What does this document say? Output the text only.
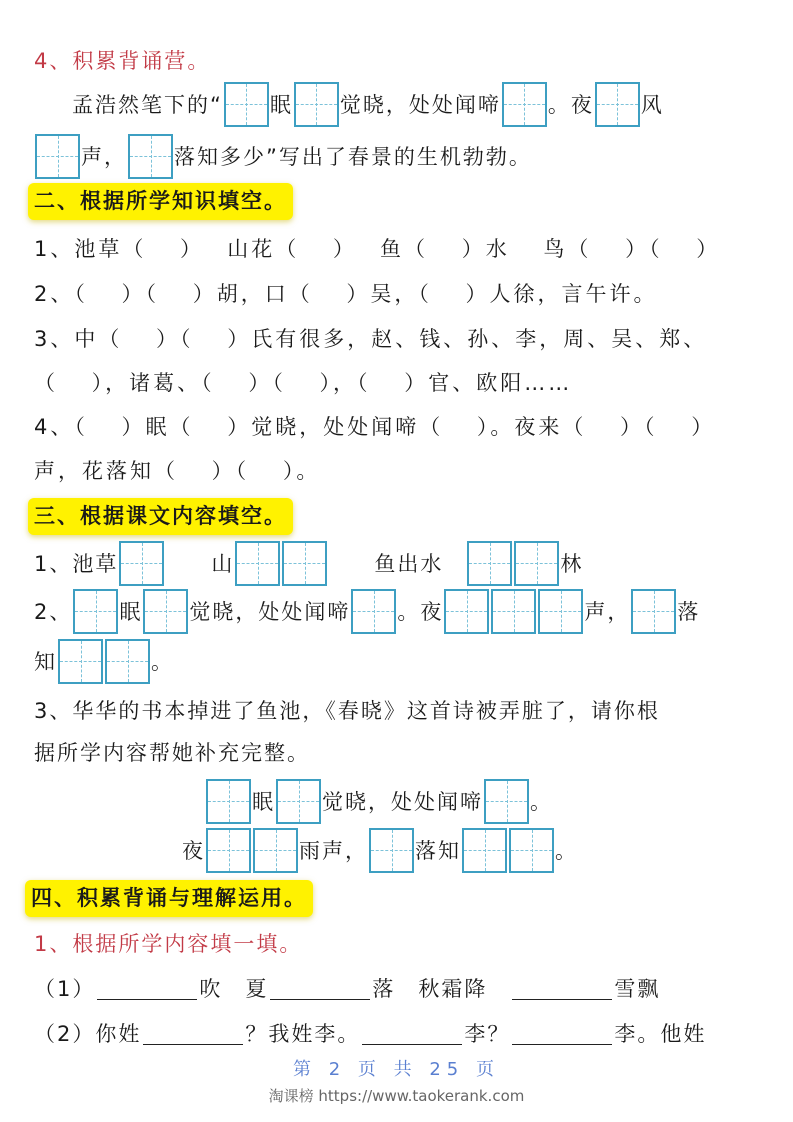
4、积累背诵营。
孟浩然笔下的“ 眠 觉晓，处处闻啼 。夜 风
声， 落知多少”写出了春景的生机勃勃。
二、根据所学知识填空。
1、池草（　 ）　 山花（　 ）　 鱼（　 ）水　 鸟（　 ）（　 ）
2、（　 ）（　 ）胡，口（　 ）吴，（　 ）人徐，言午许。
3、中（　 ）（　 ）氏有很多，赵、钱、孙、李，周、吴、郑、
（　 ），诸葛、（　 ）（　 ），（　 ）官、欧阳……
4、（　 ）眠（　 ）觉晓，处处闻啼（　 ）。夜来（　 ）（　 ）
声，花落知（　 ）（　 ）。
三、根据课文内容填空。
1、池草 　　山	　　鱼出水　	林
2、 眠 觉晓，处处闻啼 。夜	声， 落
知	。
3、华华的书本掉进了鱼池，《春晓》这首诗被弄脏了，请你根
据所学内容帮她补充完整。
眠 觉晓，处处闻啼 。
夜	雨声， 落知	。
四、积累背诵与理解运用。
1、根据所学内容填一填。
（1）	吹　夏	落　秋霜降　	雪飘
（2）你姓	？我姓李。	李？	李。他姓
第 2 页 共 25 页
淘课榜 https://www.taokerank.com
